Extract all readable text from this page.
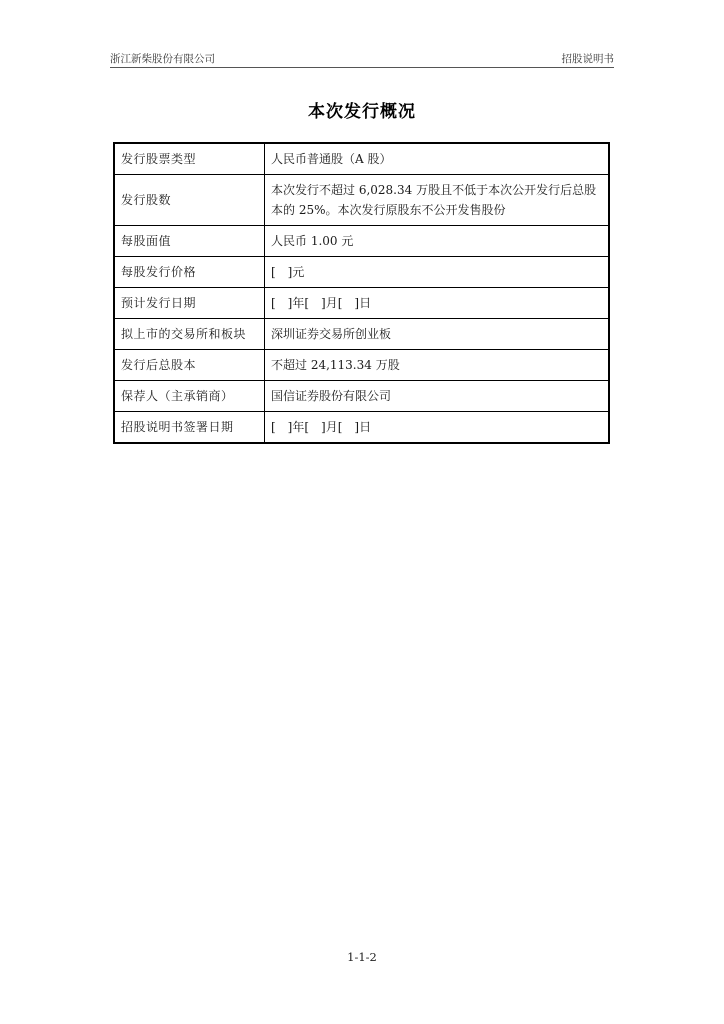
浙江新柴股份有限公司	招股说明书
本次发行概况
发行股票类型	人民币普通股（A 股）
发行股数	本次发行不超过 6,028.34 万股且不低于本次公开发行后总股本的 25%。本次发行原股东不公开发售股份
每股面值	人民币 1.00 元
每股发行价格	[　]元
预计发行日期	[　]年[　]月[　]日
拟上市的交易所和板块	深圳证券交易所创业板
发行后总股本	不超过 24,113.34 万股
保荐人（主承销商）	国信证券股份有限公司
招股说明书签署日期	[　]年[　]月[　]日
1-1-2
